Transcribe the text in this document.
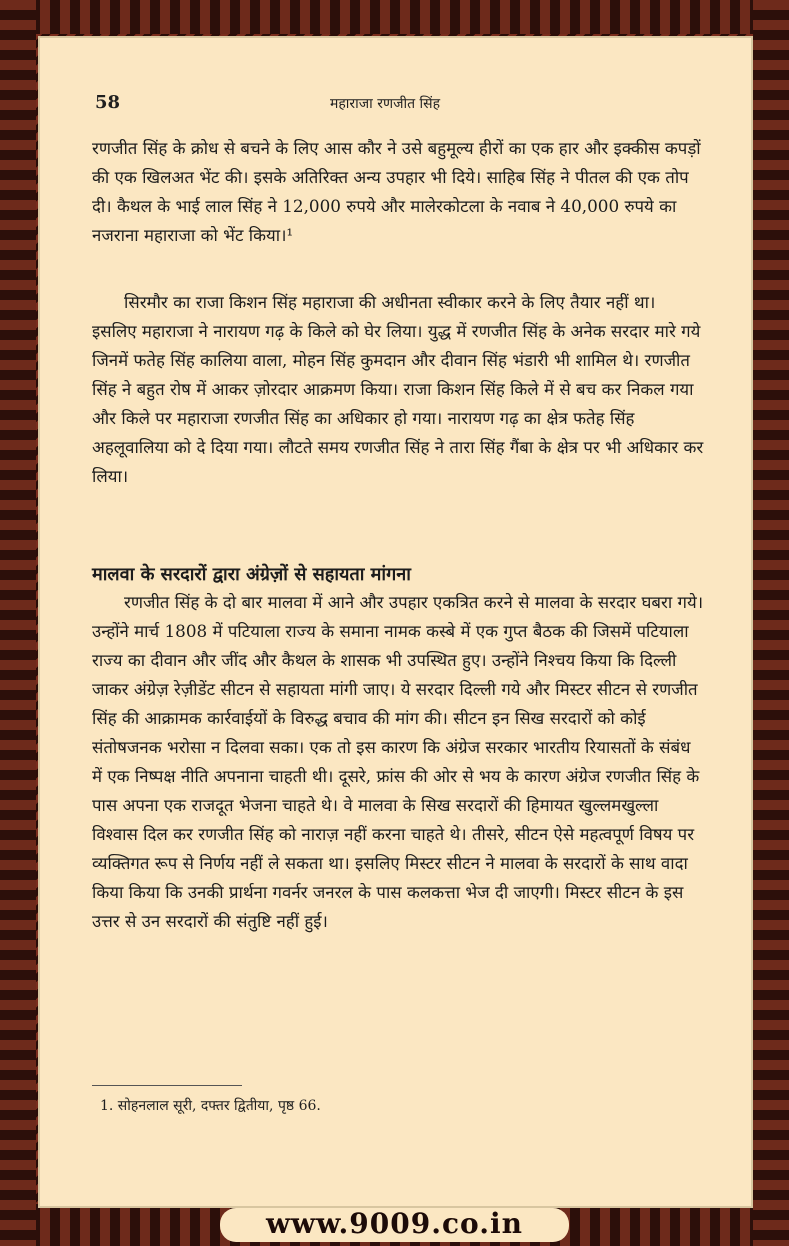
58	महाराजा रणजीत सिंह
रणजीत सिंह के क्रोध से बचने के लिए आस कौर ने उसे बहुमूल्य हीरों का एक हार और इक्कीस कपड़ों की एक खिलअत भेंट की। इसके अतिरिक्त अन्य उपहार भी दिये। साहिब सिंह ने पीतल की एक तोप दी। कैथल के भाई लाल सिंह ने 12,000 रुपये और मालेरकोटला के नवाब ने 40,000 रुपये का नजराना महाराजा को भेंट किया।¹
सिरमौर का राजा किशन सिंह महाराजा की अधीनता स्वीकार करने के लिए तैयार नहीं था। इसलिए महाराजा ने नारायण गढ़ के किले को घेर लिया। युद्ध में रणजीत सिंह के अनेक सरदार मारे गये जिनमें फतेह सिंह कालिया वाला, मोहन सिंह कुमदान और दीवान सिंह भंडारी भी शामिल थे। रणजीत सिंह ने बहुत रोष में आकर ज़ोरदार आक्रमण किया। राजा किशन सिंह किले में से बच कर निकल गया और किले पर महाराजा रणजीत सिंह का अधिकार हो गया। नारायण गढ़ का क्षेत्र फतेह सिंह अहलूवालिया को दे दिया गया। लौटते समय रणजीत सिंह ने तारा सिंह गैंबा के क्षेत्र पर भी अधिकार कर लिया।
मालवा के सरदारों द्वारा अंग्रेज़ों से सहायता मांगना
रणजीत सिंह के दो बार मालवा में आने और उपहार एकत्रित करने से मालवा के सरदार घबरा गये। उन्होंने मार्च 1808 में पटियाला राज्य के समाना नामक कस्बे में एक गुप्त बैठक की जिसमें पटियाला राज्य का दीवान और जींद और कैथल के शासक भी उपस्थित हुए। उन्होंने निश्चय किया कि दिल्ली जाकर अंग्रेज़ रेज़ीडेंट सीटन से सहायता मांगी जाए। ये सरदार दिल्ली गये और मिस्टर सीटन से रणजीत सिंह की आक्रामक कार्रवाईयों के विरुद्ध बचाव की मांग की। सीटन इन सिख सरदारों को कोई संतोषजनक भरोसा न दिलवा सका। एक तो इस कारण कि अंग्रेज सरकार भारतीय रियासतों के संबंध में एक निष्पक्ष नीति अपनाना चाहती थी। दूसरे, फ्रांस की ओर से भय के कारण अंग्रेज रणजीत सिंह के पास अपना एक राजदूत भेजना चाहते थे। वे मालवा के सिख सरदारों की हिमायत खुल्लमखुल्ला विश्वास दिल कर रणजीत सिंह को नाराज़ नहीं करना चाहते थे। तीसरे, सीटन ऐसे महत्वपूर्ण विषय पर व्यक्तिगत रूप से निर्णय नहीं ले सकता था। इसलिए मिस्टर सीटन ने मालवा के सरदारों के साथ वादा किया किया कि उनकी प्रार्थना गवर्नर जनरल के पास कलकत्ता भेज दी जाएगी। मिस्टर सीटन के इस उत्तर से उन सरदारों की संतुष्टि नहीं हुई।
1. सोहनलाल सूरी, दफ्तर द्वितीया, पृष्ठ 66.
www.9009.co.in
